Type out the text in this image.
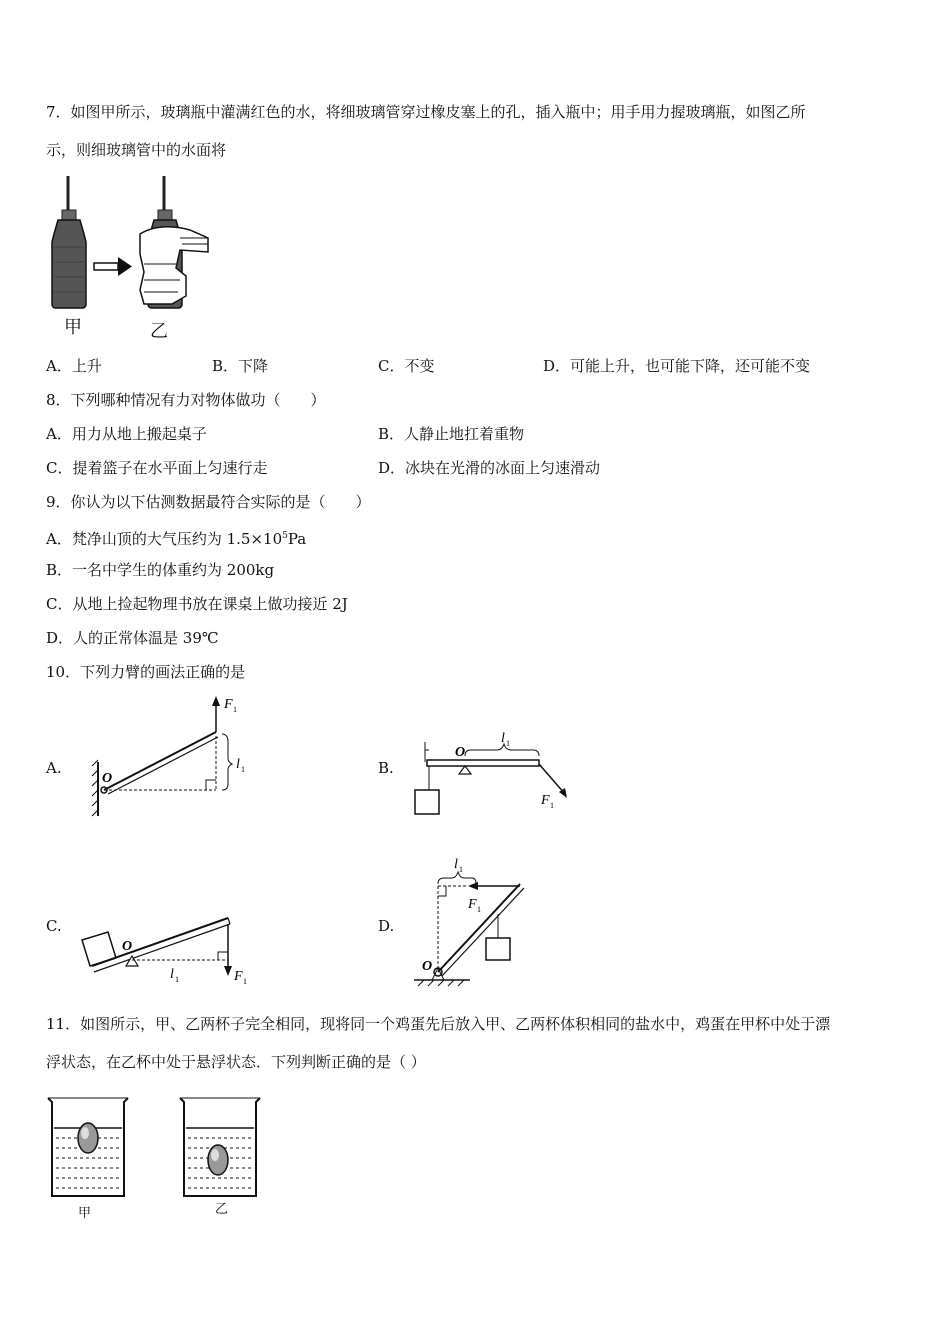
7．如图甲所示，玻璃瓶中灌满红色的水，将细玻璃管穿过橡皮塞上的孔，插入瓶中；用手用力握玻璃瓶，如图乙所
示，则细玻璃管中的水面将
甲	乙
A．上升	B．下降	C．不变	D．可能上升，也可能下降，还可能不变
8．下列哪种情况有力对物体做功（　　）
A．用力从地上搬起桌子	B．人静止地扛着重物
C．提着篮子在水平面上匀速行走	D．冰块在光滑的冰面上匀速滑动
9．你认为以下估测数据最符合实际的是（　　）
A．梵净山顶的大气压约为 $1.5\times 10^5Pa$
B．一名中学生的体重约为 200kg
C．从地上捡起物理书放在课桌上做功接近 2J
D．人的正常体温是 39℃
10．下列力臂的画法正确的是
A.
O
F 1
l 1	B.
O
l 1
F 1
C.
O
l 1	F 1
D.
O
l 1
F 1
11．如图所示，甲、乙两杯子完全相同，现将同一个鸡蛋先后放入甲、乙两杯体积相同的盐水中，鸡蛋在甲杯中处于漂
浮状态，在乙杯中处于悬浮状态．下列判断正确的是（ ）
甲	乙
